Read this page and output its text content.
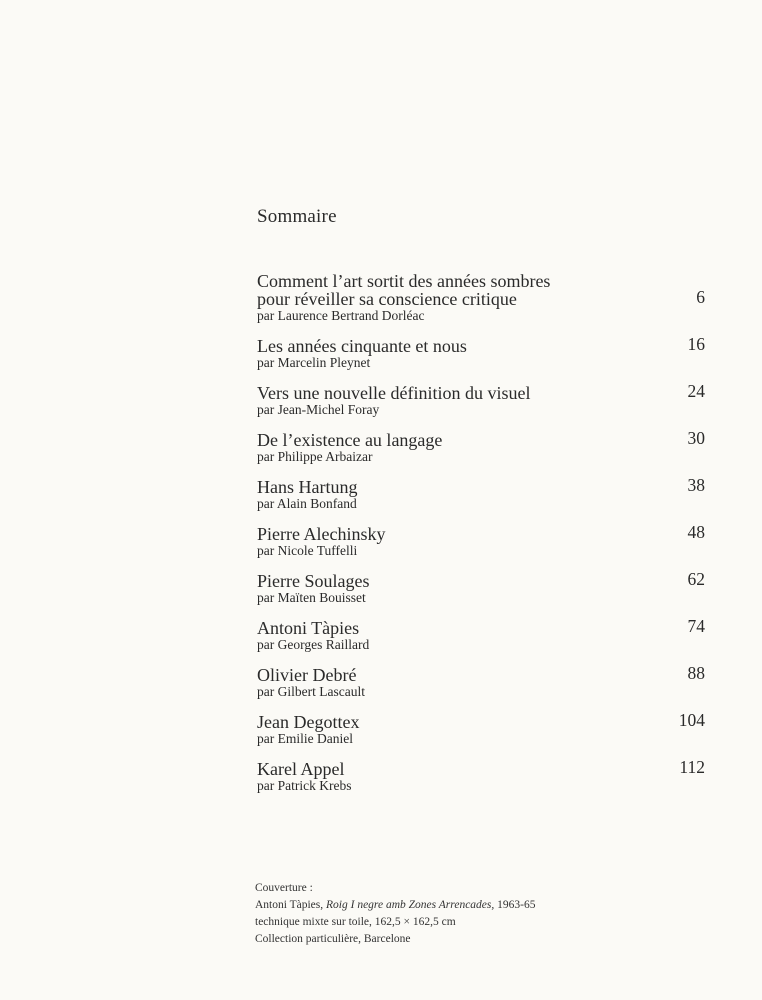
Sommaire
Comment l’art sortit des années sombres
pour réveiller sa conscience critique
par Laurence Bertrand Dorléac
6
Les années cinquante et nous
par Marcelin Pleynet
16
Vers une nouvelle définition du visuel
par Jean-Michel Foray
24
De l’existence au langage
par Philippe Arbaizar
30
Hans Hartung
par Alain Bonfand
38
Pierre Alechinsky
par Nicole Tuffelli
48
Pierre Soulages
par Maïten Bouisset
62
Antoni Tàpies
par Georges Raillard
74
Olivier Debré
par Gilbert Lascault
88
Jean Degottex
par Emilie Daniel
104
Karel Appel
par Patrick Krebs
112
Couverture :
Antoni Tàpies, Roig I negre amb Zones Arrencades, 1963-65
technique mixte sur toile, 162,5 × 162,5 cm
Collection particulière, Barcelone
